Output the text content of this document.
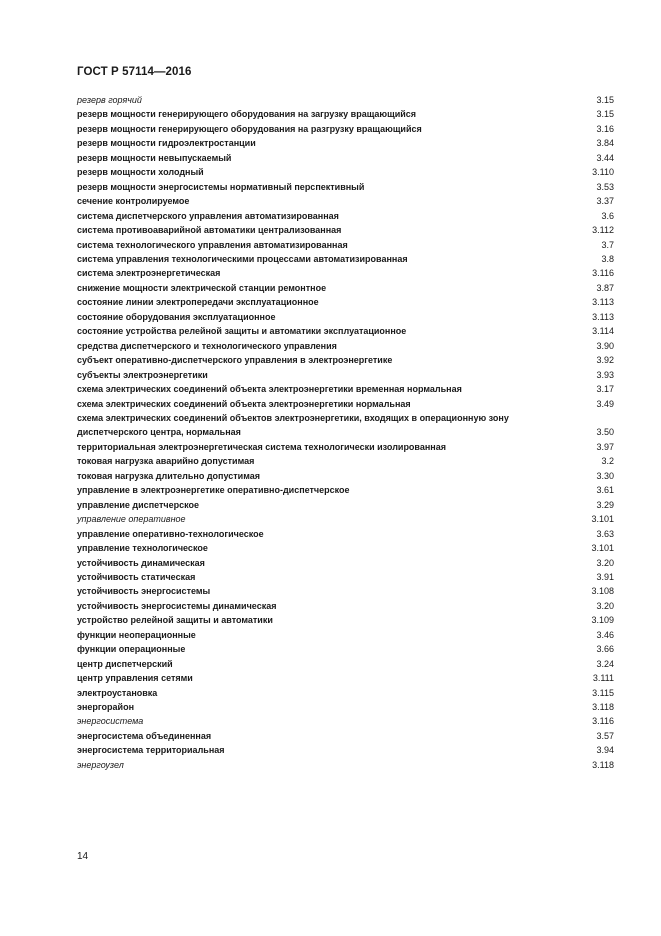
ГОСТ Р 57114—2016
резерв горячий	3.15
резерв мощности генерирующего оборудования на загрузку вращающийся	3.15
резерв мощности генерирующего оборудования на разгрузку вращающийся	3.16
резерв мощности гидроэлектростанции	3.84
резерв мощности невыпускаемый	3.44
резерв мощности холодный	3.110
резерв мощности энергосистемы нормативный перспективный	3.53
сечение контролируемое	3.37
система диспетчерского управления автоматизированная	3.6
система противоаварийной автоматики централизованная	3.112
система технологического управления автоматизированная	3.7
система управления технологическими процессами автоматизированная	3.8
система электроэнергетическая	3.116
снижение мощности электрической станции ремонтное	3.87
состояние линии электропередачи эксплуатационное	3.113
состояние оборудования эксплуатационное	3.113
состояние устройства релейной защиты и автоматики эксплуатационное	3.114
средства диспетчерского и технологического управления	3.90
субъект оперативно-диспетчерского управления в электроэнергетике	3.92
субъекты электроэнергетики	3.93
схема электрических соединений объекта электроэнергетики временная нормальная	3.17
схема электрических соединений объекта электроэнергетики нормальная	3.49
схема электрических соединений объектов электроэнергетики, входящих в операционную зону
диспетчерского центра, нормальная	3.50
территориальная электроэнергетическая система технологически изолированная	3.97
токовая нагрузка аварийно допустимая	3.2
токовая нагрузка длительно допустимая	3.30
управление в электроэнергетике оперативно-диспетчерское	3.61
управление диспетчерское	3.29
управление оперативное	3.101
управление оперативно-технологическое	3.63
управление технологическое	3.101
устойчивость динамическая	3.20
устойчивость статическая	3.91
устойчивость энергосистемы	3.108
устойчивость энергосистемы динамическая	3.20
устройство релейной защиты и автоматики	3.109
функции неоперационные	3.46
функции операционные	3.66
центр диспетчерский	3.24
центр управления сетями	3.111
электроустановка	3.115
энергорайон	3.118
энергосистема	3.116
энергосистема объединенная	3.57
энергосистема территориальная	3.94
энергоузел	3.118
14
